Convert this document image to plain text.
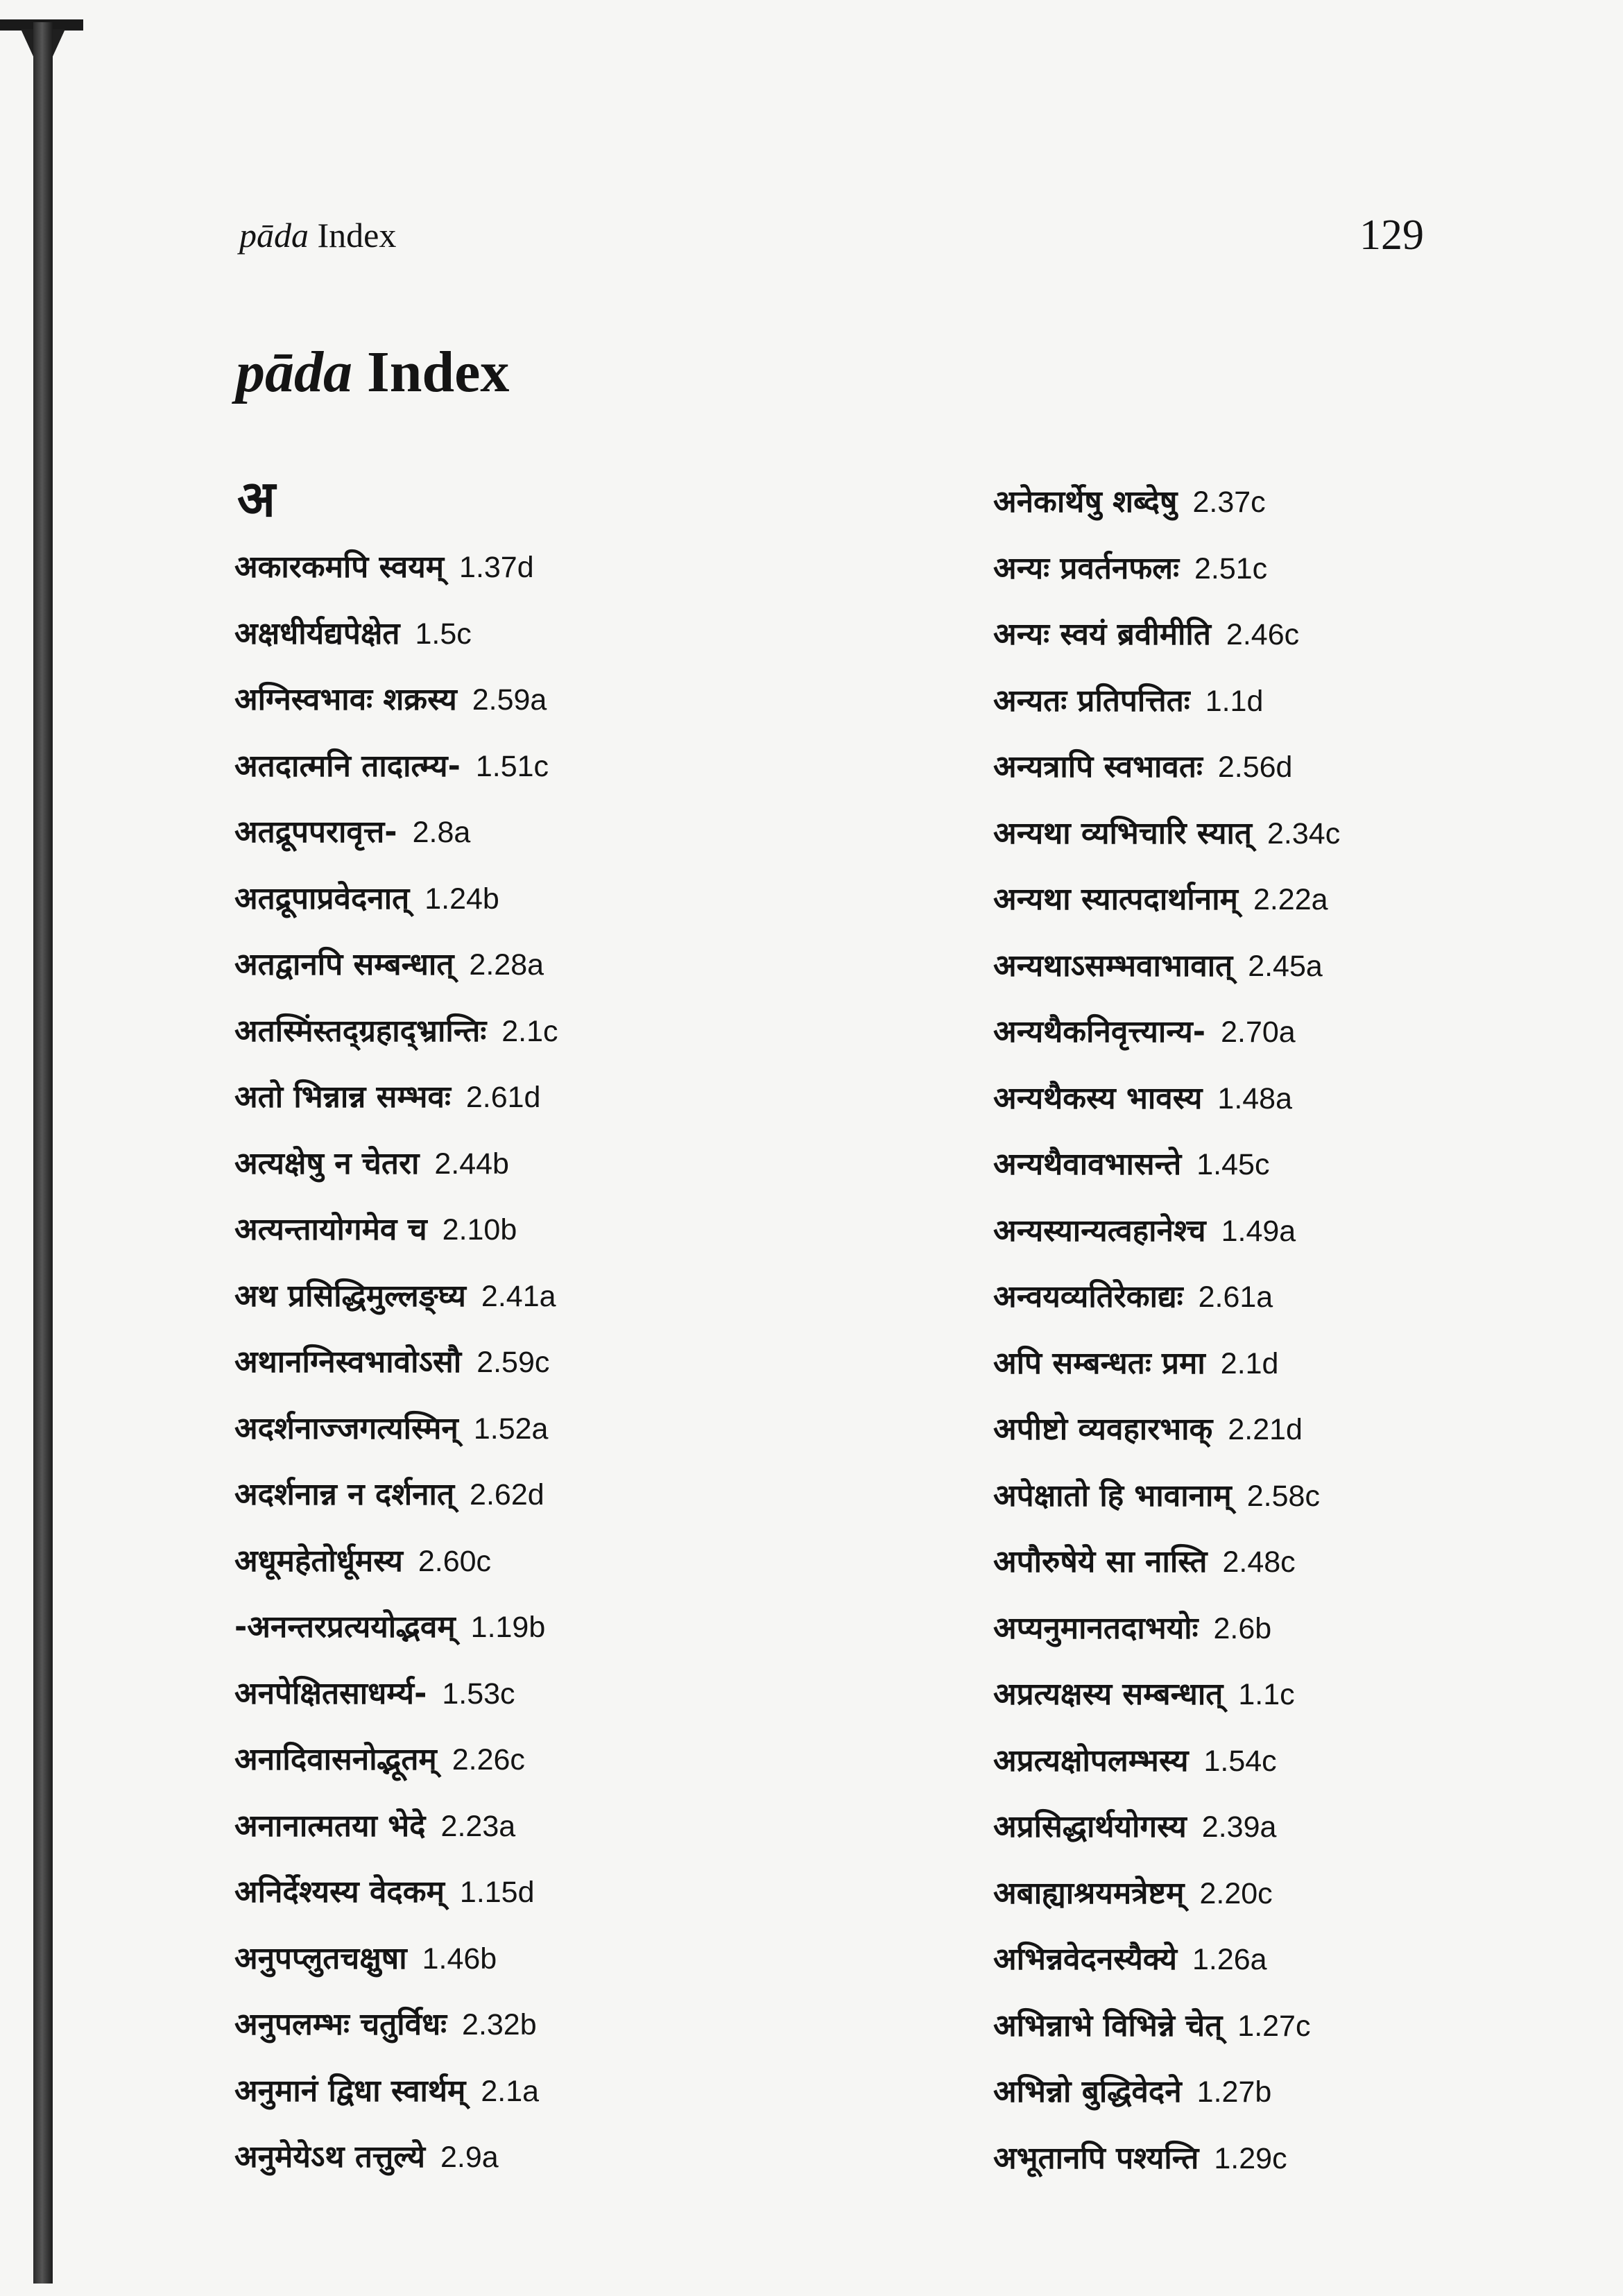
pāda Index	129
pāda Index
अ
अकारकमपि स्वयम् 1.37d
अक्षधीर्यद्यपेक्षेत 1.5c
अग्निस्वभावः शक्रस्य 2.59a
अतदात्मनि तादात्म्य- 1.51c
अतद्रूपपरावृत्त- 2.8a
अतद्रूपाप्रवेदनात् 1.24b
अतद्वानपि सम्बन्धात् 2.28a
अतस्मिंस्तद्ग्रहाद्भ्रान्तिः 2.1c
अतो भिन्नान्न सम्भवः 2.61d
अत्यक्षेषु न चेतरा 2.44b
अत्यन्तायोगमेव च 2.10b
अथ प्रसिद्धिमुल्लङ्घ्य 2.41a
अथानग्निस्वभावोऽसौ 2.59c
अदर्शनाज्जगत्यस्मिन् 1.52a
अदर्शनान्न न दर्शनात् 2.62d
अधूमहेतोर्धूमस्य 2.60c
-अनन्तरप्रत्ययोद्भवम् 1.19b
अनपेक्षितसाधर्म्य- 1.53c
अनादिवासनोद्भूतम् 2.26c
अनानात्मतया भेदे 2.23a
अनिर्देश्यस्य वेदकम् 1.15d
अनुपप्लुतचक्षुषा 1.46b
अनुपलम्भः चतुर्विधः 2.32b
अनुमानं द्विधा स्वार्थम् 2.1a
अनुमेयेऽथ तत्तुल्ये 2.9a
अनेकार्थेषु शब्देषु 2.37c
अन्यः प्रवर्तनफलः 2.51c
अन्यः स्वयं ब्रवीमीति 2.46c
अन्यतः प्रतिपत्तितः 1.1d
अन्यत्रापि स्वभावतः 2.56d
अन्यथा व्यभिचारि स्यात् 2.34c
अन्यथा स्यात्पदार्थानाम् 2.22a
अन्यथाऽसम्भवाभावात् 2.45a
अन्यथैकनिवृत्त्यान्य- 2.70a
अन्यथैकस्य भावस्य 1.48a
अन्यथैवावभासन्ते 1.45c
अन्यस्यान्यत्वहानेश्च 1.49a
अन्वयव्यतिरेकाद्यः 2.61a
अपि सम्बन्धतः प्रमा 2.1d
अपीष्टो व्यवहारभाक् 2.21d
अपेक्षातो हि भावानाम् 2.58c
अपौरुषेये सा नास्ति 2.48c
अप्यनुमानतदाभयोः 2.6b
अप्रत्यक्षस्य सम्बन्धात् 1.1c
अप्रत्यक्षोपलम्भस्य 1.54c
अप्रसिद्धार्थयोगस्य 2.39a
अबाह्याश्रयमत्रेष्टम् 2.20c
अभिन्नवेदनस्यैक्ये 1.26a
अभिन्नाभे विभिन्ने चेत् 1.27c
अभिन्नो बुद्धिवेदने 1.27b
अभूतानपि पश्यन्ति 1.29c
